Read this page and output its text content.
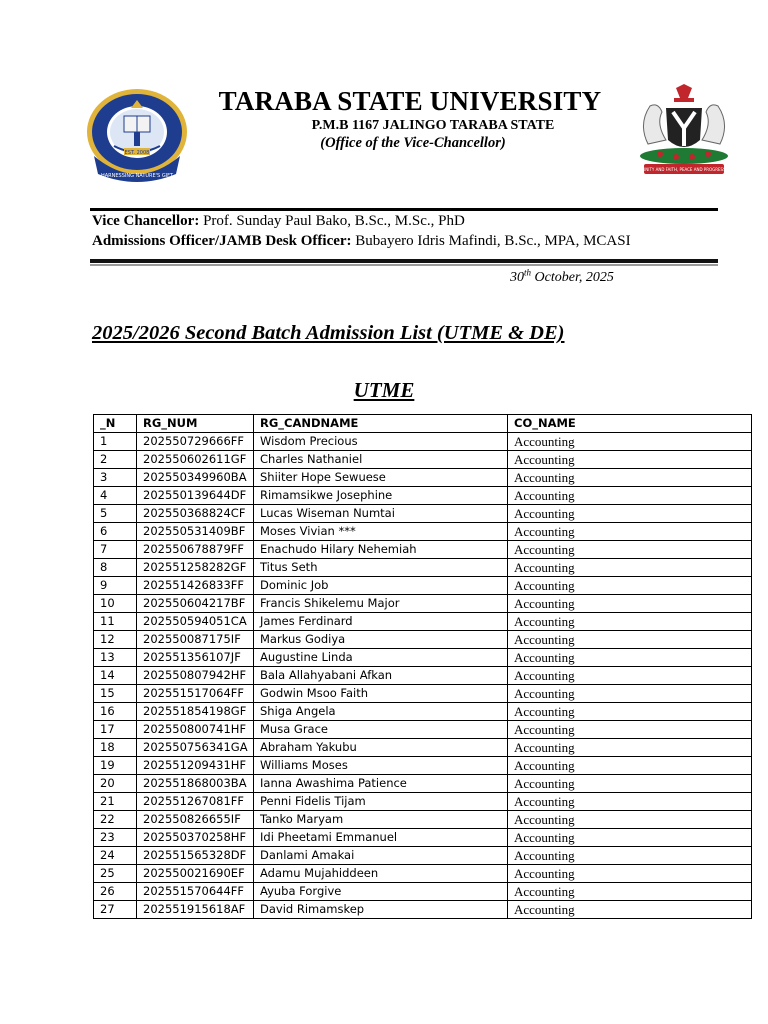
EST. 2008
HARNESSING NATURE'S GIFT
UNITY AND FAITH, PEACE AND PROGRESS
TARABA STATE UNIVERSITY
P.M.B 1167 JALINGO TARABA STATE
(Office of the Vice-Chancellor)
Vice Chancellor: Prof. Sunday Paul Bako, B.Sc., M.Sc., PhD
Admissions Officer/JAMB Desk Officer: Bubayero Idris Mafindi, B.Sc., MPA, MCASI
30th October, 2025
2025/2026 Second Batch Admission List (UTME & DE)
UTME
_N	RG_NUM	RG_CANDNAME	CO_NAME
1	202550729666FF	Wisdom Precious	Accounting
2	202550602611GF	Charles Nathaniel	Accounting
3	202550349960BA	Shiiter Hope Sewuese	Accounting
4	202550139644DF	Rimamsikwe Josephine	Accounting
5	202550368824CF	Lucas Wiseman Numtai	Accounting
6	202550531409BF	Moses Vivian ***	Accounting
7	202550678879FF	Enachudo Hilary Nehemiah	Accounting
8	202551258282GF	Titus Seth	Accounting
9	202551426833FF	Dominic Job	Accounting
10	202550604217BF	Francis Shikelemu Major	Accounting
11	202550594051CA	James Ferdinard	Accounting
12	202550087175IF	Markus Godiya	Accounting
13	202551356107JF	Augustine Linda	Accounting
14	202550807942HF	Bala Allahyabani Afkan	Accounting
15	202551517064FF	Godwin Msoo Faith	Accounting
16	202551854198GF	Shiga Angela	Accounting
17	202550800741HF	Musa Grace	Accounting
18	202550756341GA	Abraham Yakubu	Accounting
19	202551209431HF	Williams Moses	Accounting
20	202551868003BA	Ianna Awashima Patience	Accounting
21	202551267081FF	Penni Fidelis Tijam	Accounting
22	202550826655IF	Tanko Maryam	Accounting
23	202550370258HF	Idi Pheetami Emmanuel	Accounting
24	202551565328DF	Danlami Amakai	Accounting
25	202550021690EF	Adamu Mujahiddeen	Accounting
26	202551570644FF	Ayuba Forgive	Accounting
27	202551915618AF	David Rimamskep	Accounting
